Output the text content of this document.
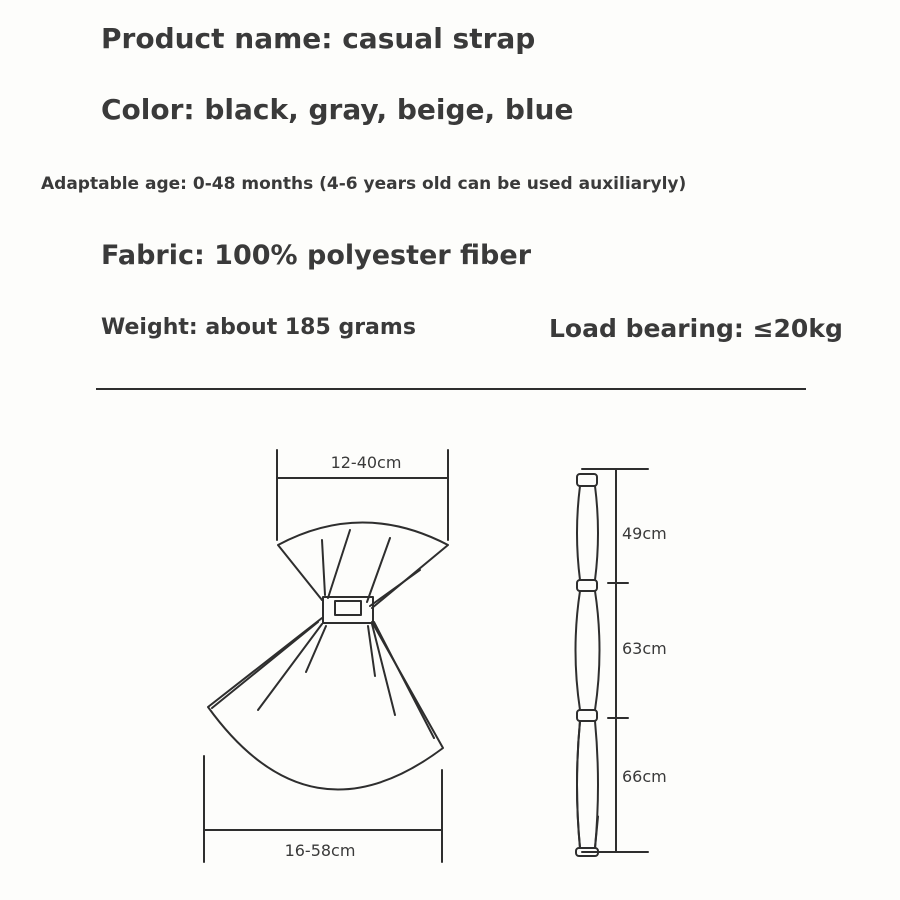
Product name: casual strap

Color: black, gray, beige, blue

Adaptable age: 0-48 months (4-6 years old can be used auxiliaryly)

Fabric: 100% polyester fiber

Weight: about 185 grams	Load bearing: ≤20kg

12-40cm
16-58cm
49cm
63cm
66cm
